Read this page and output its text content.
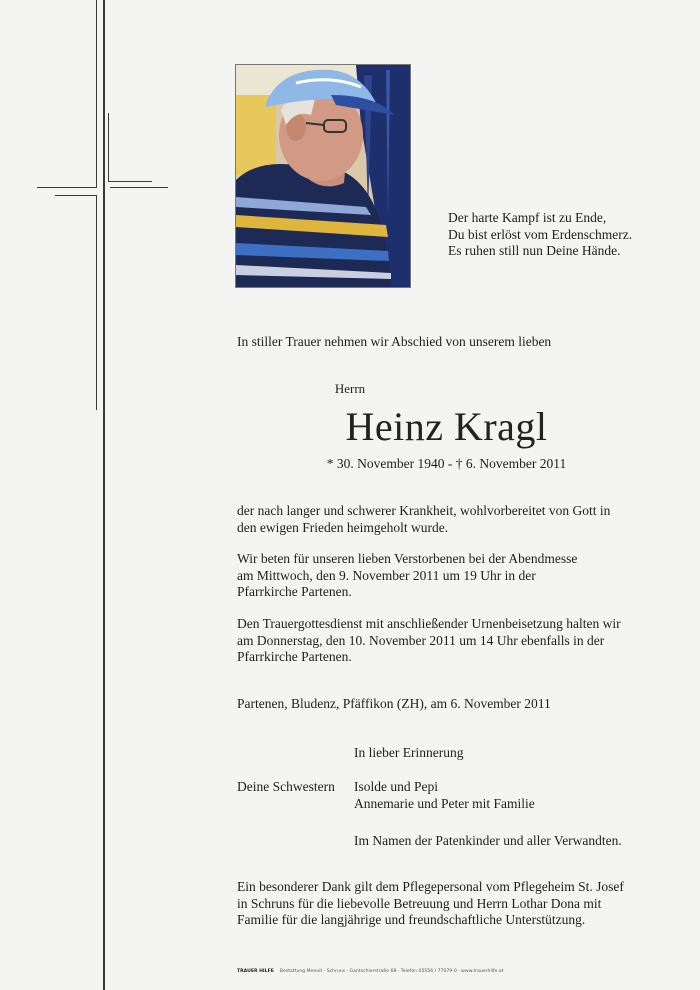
Der harte Kampf ist zu Ende,
Du bist erlöst vom Erdenschmerz.
Es ruhen still nun Deine Hände.
In stiller Trauer nehmen wir Abschied von unserem lieben
Herrn
Heinz Kragl
* 30. November 1940 - † 6. November 2011
der nach langer und schwerer Krankheit, wohlvorbereitet von Gott in
den ewigen Frieden heimgeholt wurde.
Wir beten für unseren lieben Verstorbenen bei der Abendmesse
am Mittwoch, den 9. November 2011 um 19 Uhr in der
Pfarrkirche Partenen.
Den Trauergottesdienst mit anschließender Urnenbeisetzung halten wir
am Donnerstag, den 10. November 2011 um 14 Uhr ebenfalls in der
Pfarrkirche Partenen.
Partenen, Bludenz, Pfäffikon (ZH), am 6. November 2011
In lieber Erinnerung
Deine Schwestern Isolde und Pepi
Annemarie und Peter mit Familie
Im Namen der Patenkinder und aller Verwandten.
Ein besonderer Dank gilt dem Pflegepersonal vom Pflegeheim St. Josef
in Schruns für die liebevolle Betreuung und Herrn Lothar Dona mit
Familie für die langjährige und freundschaftliche Unterstützung.
TRAUER HILFE Bestattung Mennit · Schruns · Gantschierstraße 68 · Telefon 05556 / 77079-0 · www.trauerhilfe.at
